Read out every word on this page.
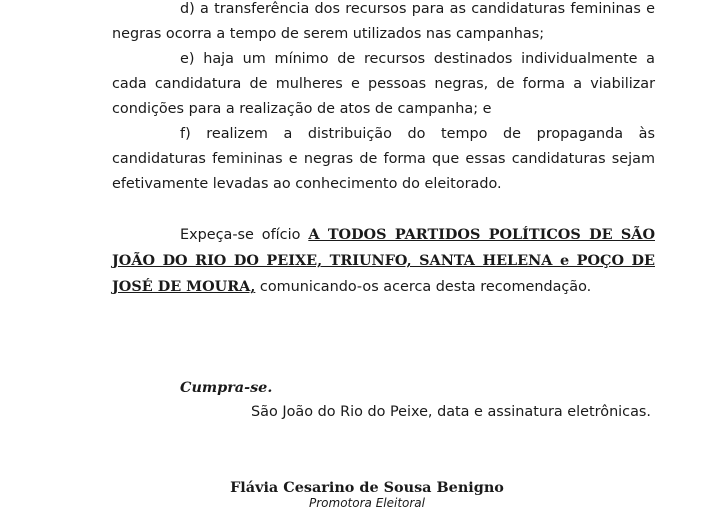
d) a transferência dos recursos para as candidaturas femininas e negras ocorra a tempo de serem utilizados nas campanhas;

e) haja um mínimo de recursos destinados individualmente a cada candidatura de mulheres e pessoas negras, de forma a viabilizar condições para a realização de atos de campanha; e

f) realizem a distribuição do tempo de propaganda às candidaturas femininas e negras de forma que essas candidaturas sejam efetivamente levadas ao conhecimento do eleitorado.

Expeça-se ofício A TODOS PARTIDOS POLÍTICOS DE SÃO JOÃO DO RIO DO PEIXE, TRIUNFO, SANTA HELENA e POÇO DE JOSÉ DE MOURA, comunicando-os acerca desta recomendação.

Cumpra-se.

São João do Rio do Peixe, data e assinatura eletrônicas.

Flávia Cesarino de Sousa Benigno

Promotora Eleitoral
